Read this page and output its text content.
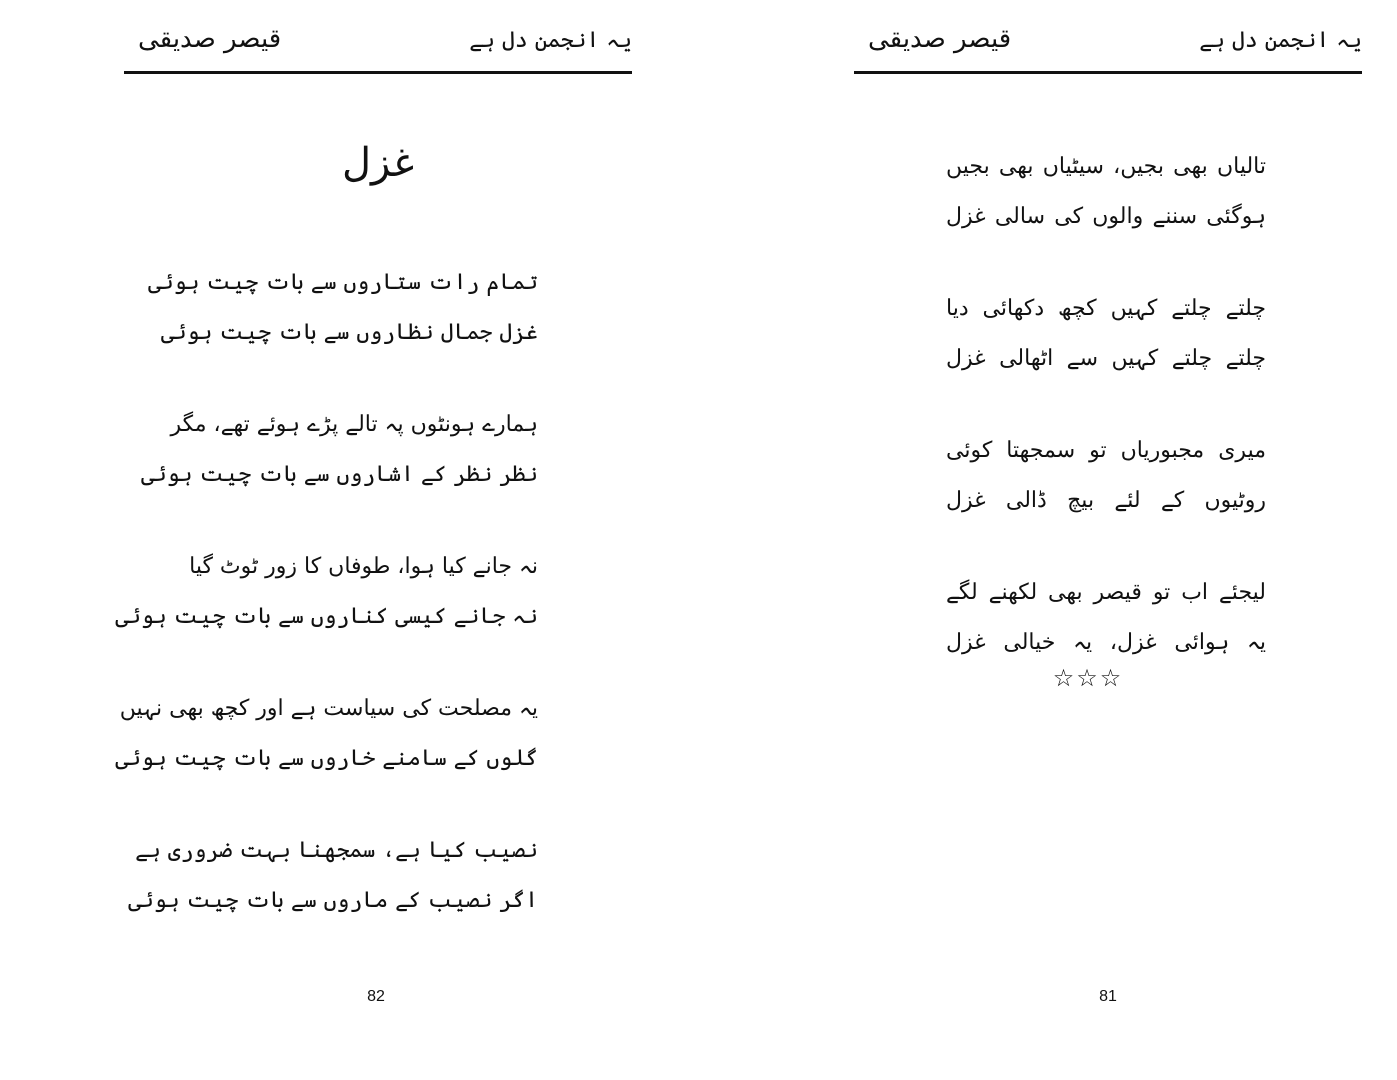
یہ انجمن دل ہے
قیصر صدیقی
غزل
تمام رات ستاروں سے بات چیت ہوئی
غزل جمال نظاروں سے بات چیت ہوئی
ہمارے ہونٹوں پہ تالے پڑے ہوئے تھے، مگر
نظر نظر کے اشاروں سے بات چیت ہوئی
نہ جانے کیا ہوا، طوفاں کا زور ٹوٹ گیا
نہ جانے کیسی کناروں سے بات چیت ہوئی
یہ مصلحت کی سیاست ہے اور کچھ بھی نہیں
گلوں کے سامنے خاروں سے بات چیت ہوئی
نصیب کیا ہے، سمجھنا بہت ضروری ہے
اگر نصیب کے ماروں سے بات چیت ہوئی
82
یہ انجمن دل ہے
قیصر صدیقی
تالیاں بھی بجیں، سیٹیاں بھی بجیں
ہوگئی سننے والوں کی سالی غزل
چلتے چلتے کہیں کچھ دکھائی دیا
چلتے چلتے کہیں سے اٹھالی غزل
میری مجبوریاں تو سمجھتا کوئی
روٹیوں کے لئے بیچ ڈالی غزل
لیجئے اب تو قیصر بھی لکھنے لگے
یہ ہوائی غزل، یہ خیالی غزل
☆☆☆
81
